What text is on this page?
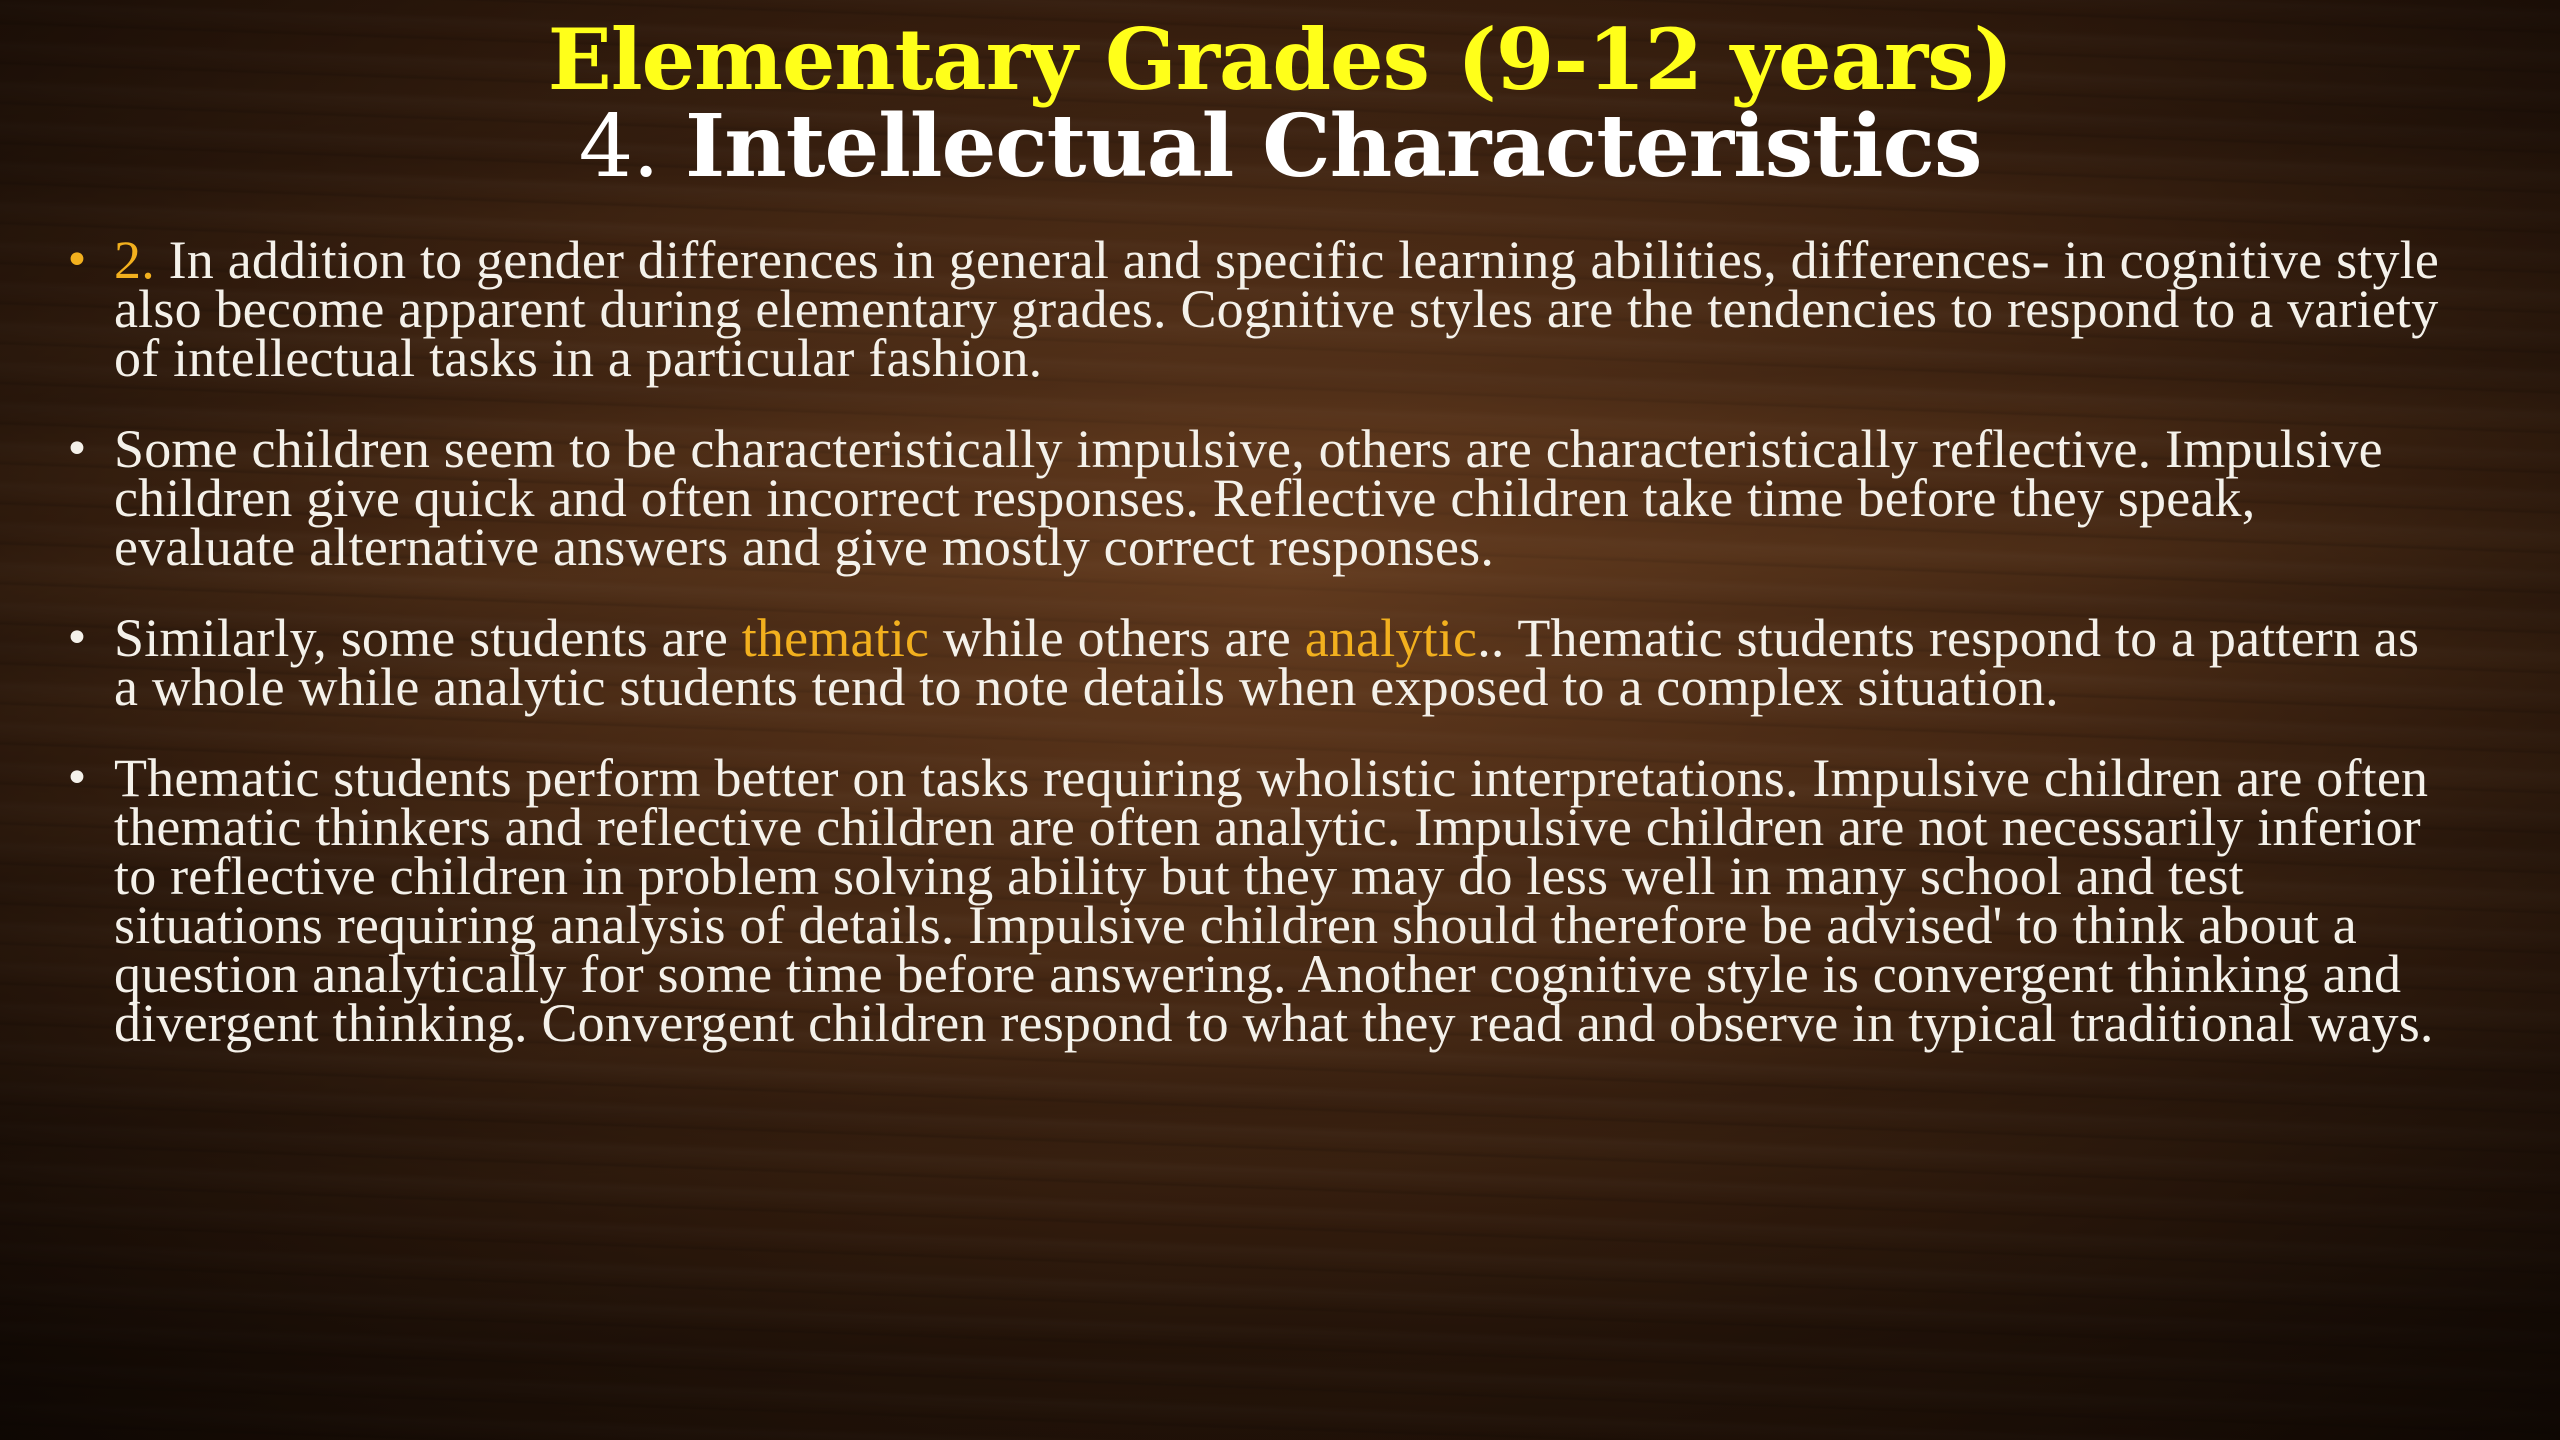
Elementary Grades (9-12 years)
4. Intellectual Characteristics
• 2. In addition to gender differences in general and specific learning abilities, differences- in cognitive style also become apparent during elementary grades. Cognitive styles are the tendencies to respond to a variety of intellectual tasks in a particular fashion.
• Some children seem to be characteristically impulsive, others are characteristically reflective. Impulsive children give quick and often incorrect responses. Reflective children take time before they speak, evaluate alternative answers and give mostly correct responses.
• Similarly, some students are thematic while others are analytic.. Thematic students respond to a pattern as a whole while analytic students tend to note details when exposed to a complex situation.
• Thematic students perform better on tasks requiring wholistic interpretations. Impulsive children are often thematic thinkers and reflective children are often analytic. Impulsive children are not necessarily inferior to reflective children in problem solving ability but they may do less well in many school and test situations requiring analysis of details. Impulsive children should therefore be advised' to think about a question analytically for some time before answering. Another cognitive style is convergent thinking and divergent thinking. Convergent children respond to what they read and observe in typical traditional ways.
